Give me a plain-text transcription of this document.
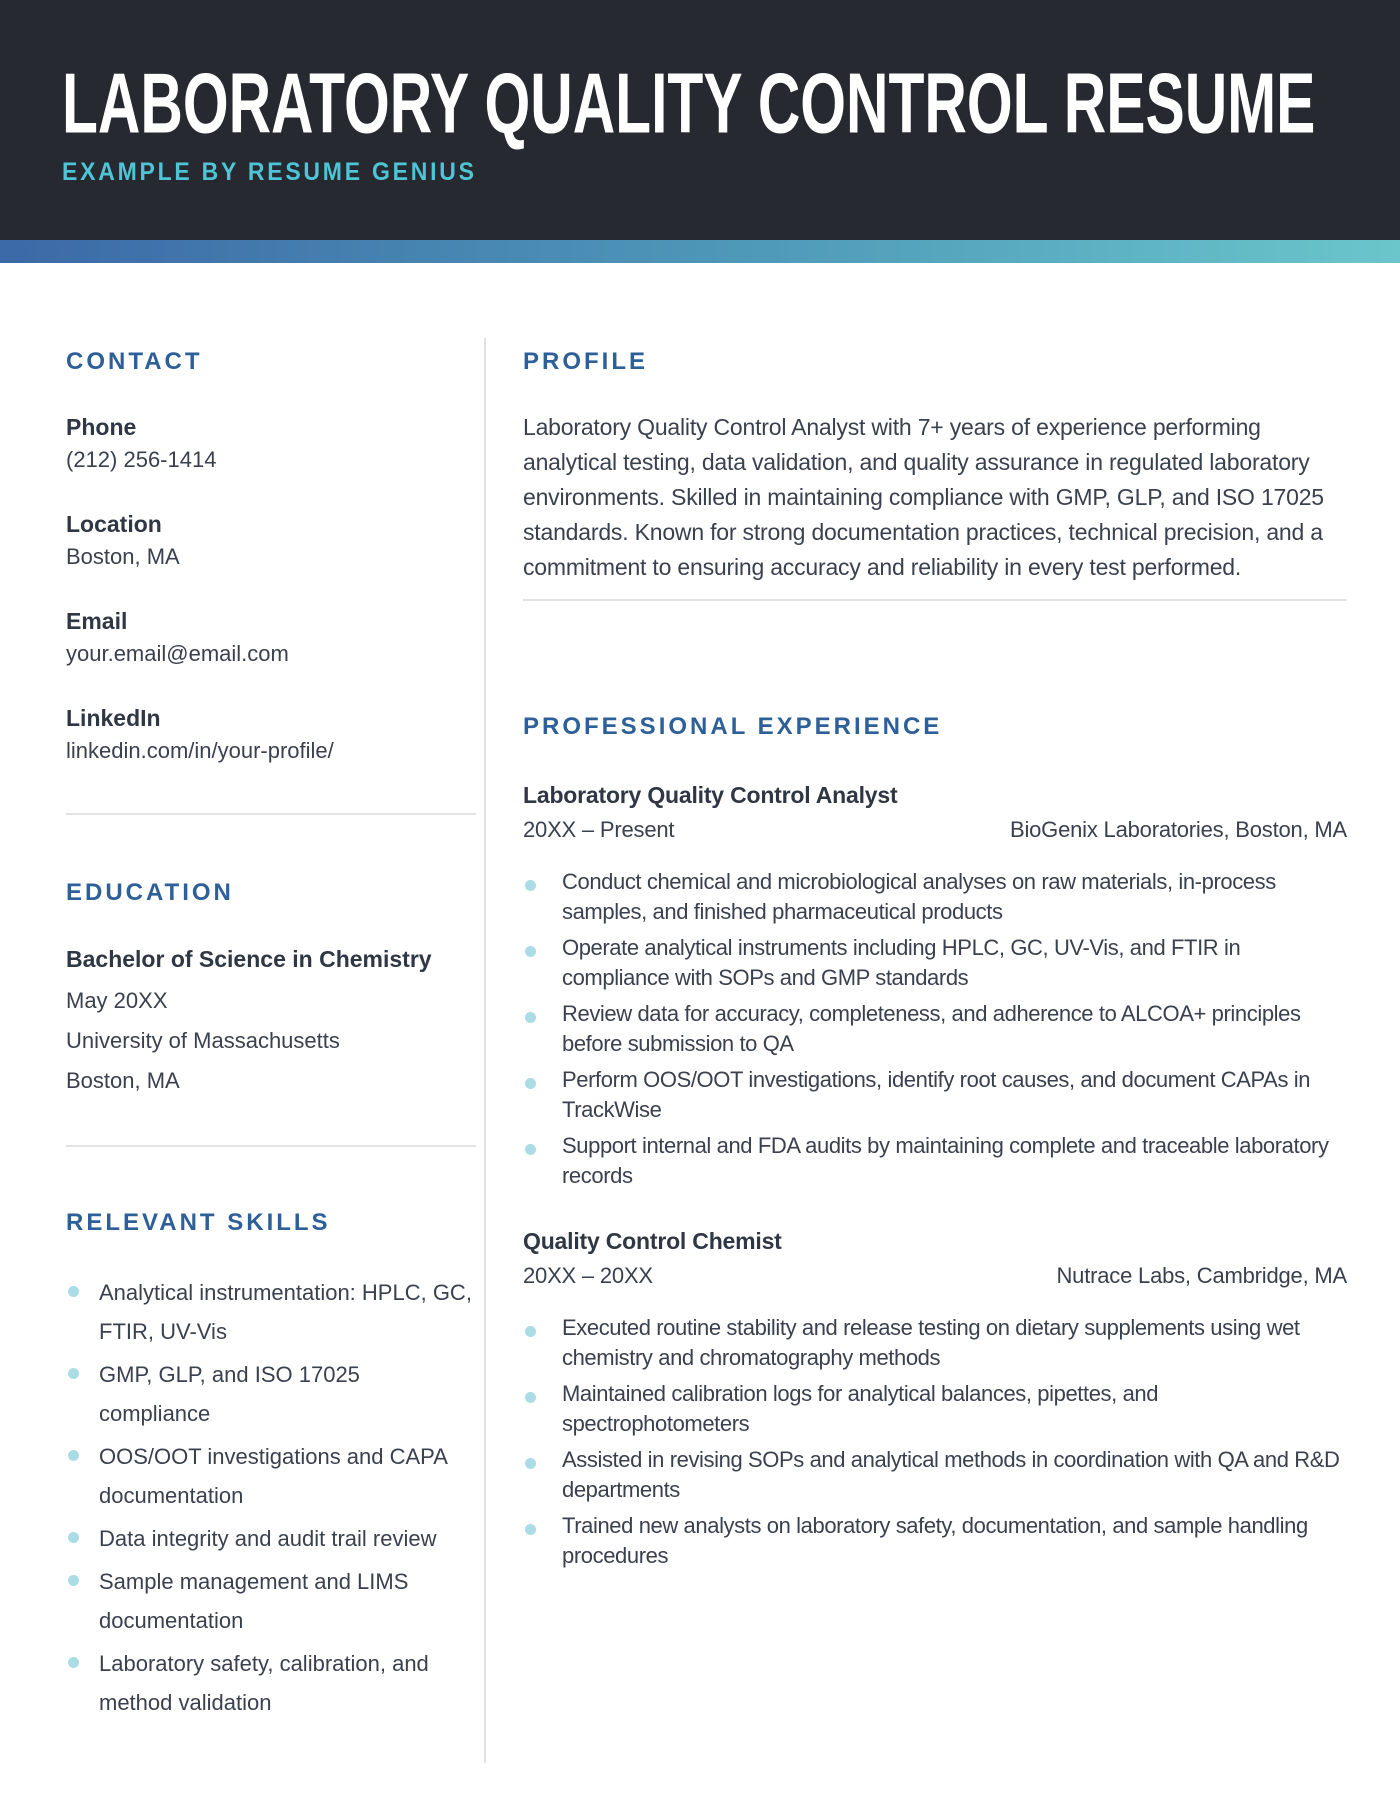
LABORATORY QUALITY CONTROL RESUME
EXAMPLE BY RESUME GENIUS
CONTACT
Phone
(212) 256-1414
Location
Boston, MA
Email
your.email@email.com
LinkedIn
linkedin.com/in/your-profile/
EDUCATION
Bachelor of Science in Chemistry
May 20XX
University of Massachusetts
Boston, MA
RELEVANT SKILLS
Analytical instrumentation: HPLC, GC, FTIR, UV-Vis
GMP, GLP, and ISO 17025 compliance
OOS/OOT investigations and CAPA documentation
Data integrity and audit trail review
Sample management and LIMS documentation
Laboratory safety, calibration, and method validation
PROFILE

Laboratory Quality Control Analyst with 7+ years of experience performing analytical testing, data validation, and quality assurance in regulated laboratory environments. Skilled in maintaining compliance with GMP, GLP, and ISO 17025 standards. Known for strong documentation practices, technical precision, and a commitment to ensuring accuracy and reliability in every test performed.

PROFESSIONAL EXPERIENCE
Laboratory Quality Control Analyst
20XX – Present	BioGenix Laboratories, Boston, MA
Conduct chemical and microbiological analyses on raw materials, in-process samples, and finished pharmaceutical products
Operate analytical instruments including HPLC, GC, UV-Vis, and FTIR in compliance with SOPs and GMP standards
Review data for accuracy, completeness, and adherence to ALCOA+ principles before submission to QA
Perform OOS/OOT investigations, identify root causes, and document CAPAs in TrackWise
Support internal and FDA audits by maintaining complete and traceable laboratory records
Quality Control Chemist
20XX – 20XX	Nutrace Labs, Cambridge, MA
Executed routine stability and release testing on dietary supplements using wet chemistry and chromatography methods
Maintained calibration logs for analytical balances, pipettes, and spectrophotometers
Assisted in revising SOPs and analytical methods in coordination with QA and R&D departments
Trained new analysts on laboratory safety, documentation, and sample handling procedures
